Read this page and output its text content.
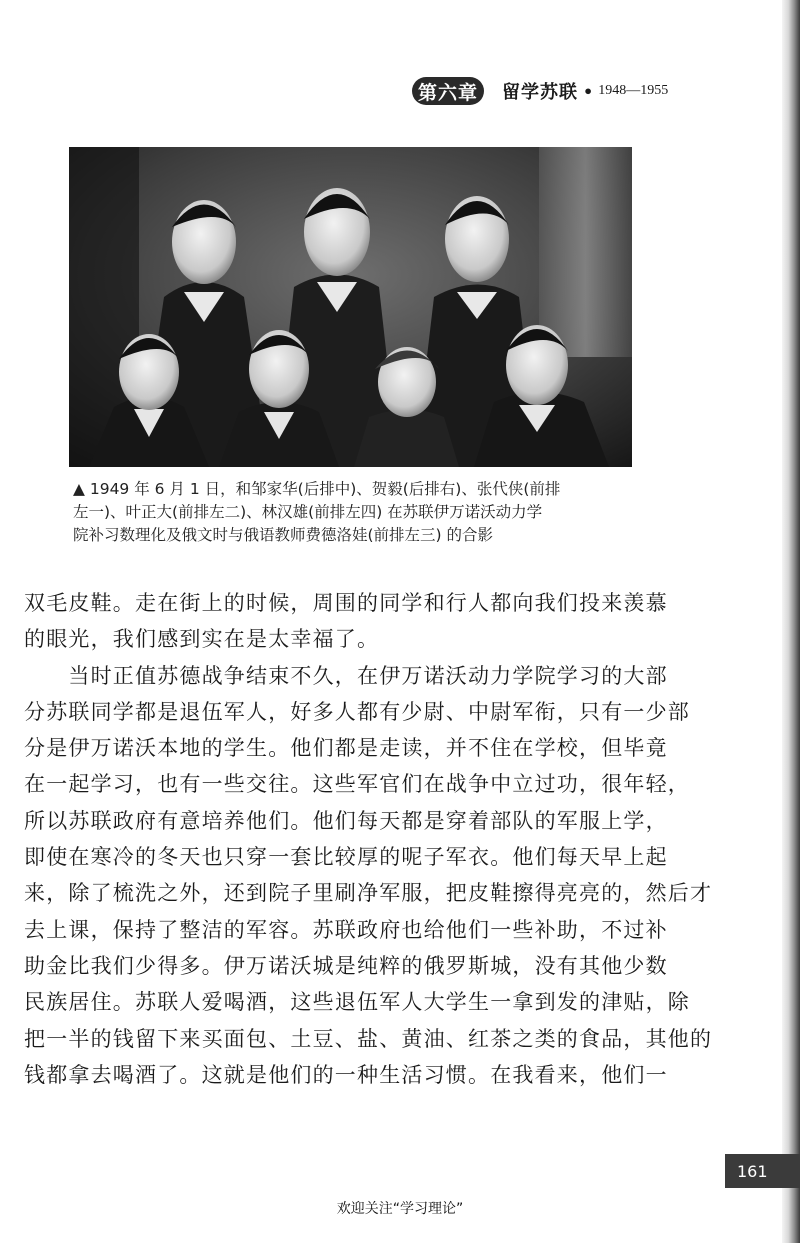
第六章	留学苏联 • 1948—1955
▲ 1949 年 6 月 1 日，和邹家华(后排中)、贺毅(后排右)、张代侠(前排
左一)、叶正大(前排左二)、林汉雄(前排左四) 在苏联伊万诺沃动力学
院补习数理化及俄文时与俄语教师费德洛娃(前排左三) 的合影
双毛皮鞋。走在街上的时候，周围的同学和行人都向我们投来羡慕
的眼光，我们感到实在是太幸福了。
　　当时正值苏德战争结束不久，在伊万诺沃动力学院学习的大部
分苏联同学都是退伍军人，好多人都有少尉、中尉军衔，只有一少部
分是伊万诺沃本地的学生。他们都是走读，并不住在学校，但毕竟
在一起学习，也有一些交往。这些军官们在战争中立过功，很年轻，
所以苏联政府有意培养他们。他们每天都是穿着部队的军服上学，
即使在寒冷的冬天也只穿一套比较厚的呢子军衣。他们每天早上起
来，除了梳洗之外，还到院子里刷净军服，把皮鞋擦得亮亮的，然后才
去上课，保持了整洁的军容。苏联政府也给他们一些补助，不过补
助金比我们少得多。伊万诺沃城是纯粹的俄罗斯城，没有其他少数
民族居住。苏联人爱喝酒，这些退伍军人大学生一拿到发的津贴，除
把一半的钱留下来买面包、土豆、盐、黄油、红茶之类的食品，其他的
钱都拿去喝酒了。这就是他们的一种生活习惯。在我看来，他们一
161
欢迎关注“学习理论”
